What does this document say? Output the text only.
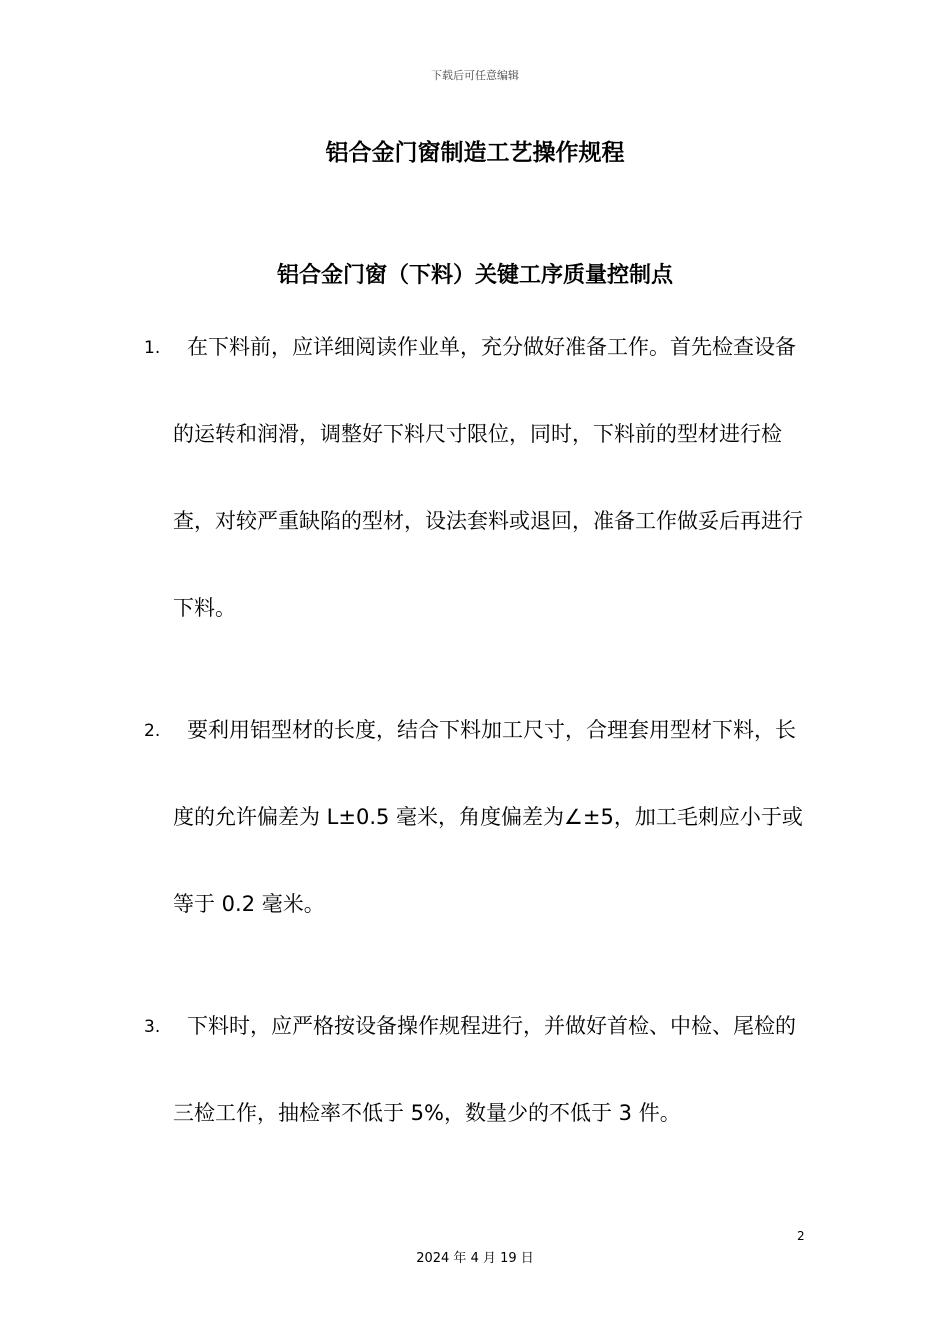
下载后可任意编辑
铝合金门窗制造工艺操作规程
铝合金门窗（下料）关键工序质量控制点
1.	在下料前，应详细阅读作业单，充分做好准备工作。首先检查设备的运转和润滑，调整好下料尺寸限位，同时，下料前的型材进行检查，对较严重缺陷的型材，设法套料或退回，准备工作做妥后再进行下料。
2.	要利用铝型材的长度，结合下料加工尺寸，合理套用型材下料，长度的允许偏差为 L±0.5 毫米，角度偏差为∠±5，加工毛刺应小于或等于 0.2 毫米。
3.	下料时，应严格按设备操作规程进行，并做好首检、中检、尾检的三检工作，抽检率不低于 5%，数量少的不低于 3 件。
2
2024 年 4 月 19 日
